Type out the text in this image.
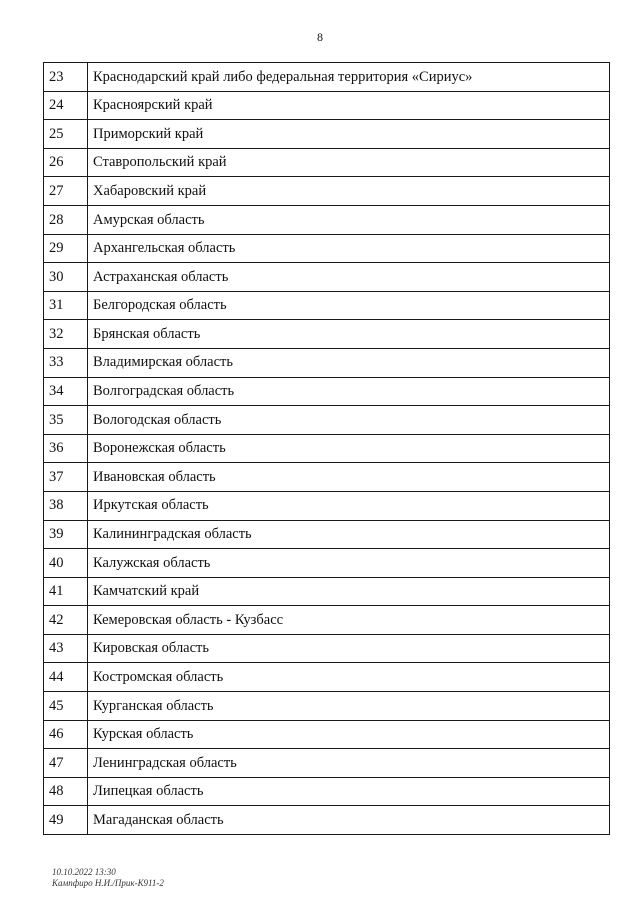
8
23	Краснодарский край либо федеральная территория «Сириус»
24	Красноярский край
25	Приморский край
26	Ставропольский край
27	Хабаровский край
28	Амурская область
29	Архангельская область
30	Астраханская область
31	Белгородская область
32	Брянская область
33	Владимирская область
34	Волгоградская область
35	Вологодская область
36	Воронежская область
37	Ивановская область
38	Иркутская область
39	Калининградская область
40	Калужская область
41	Камчатский край
42	Кемеровская область - Кузбасс
43	Кировская область
44	Костромская область
45	Курганская область
46	Курская область
47	Ленинградская область
48	Липецкая область
49	Магаданская область
10.10.2022 13:30
Кампфиро Н.И./Прик-К911-2
